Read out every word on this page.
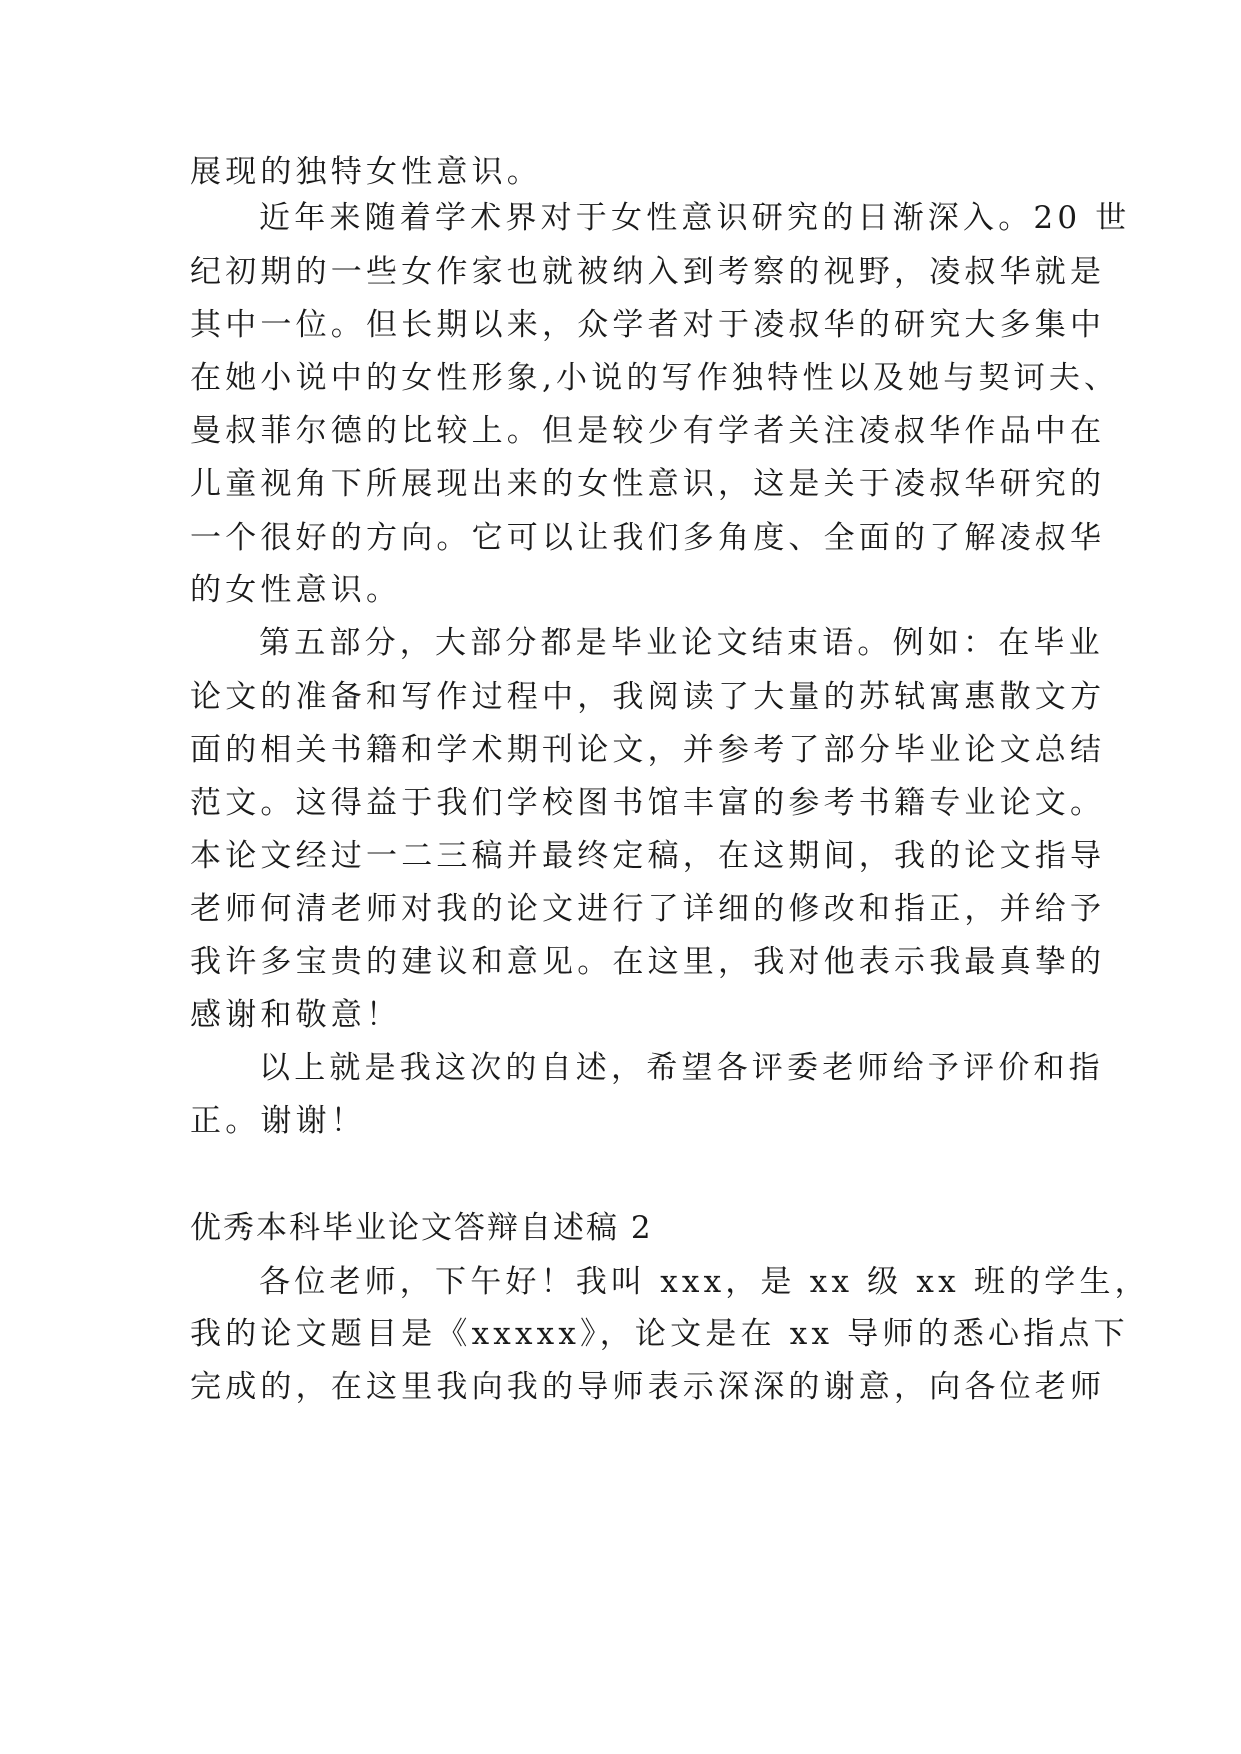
展现的独特女性意识。

近年来随着学术界对于女性意识研究的日渐深入。20 世

纪初期的一些女作家也就被纳入到考察的视野，凌叔华就是

其中一位。但长期以来，众学者对于凌叔华的研究大多集中

在她小说中的女性形象,小说的写作独特性以及她与契诃夫、

曼叔菲尔德的比较上。但是较少有学者关注凌叔华作品中在

儿童视角下所展现出来的女性意识，这是关于凌叔华研究的

一个很好的方向。它可以让我们多角度、全面的了解凌叔华

的女性意识。

第五部分，大部分都是毕业论文结束语。例如：在毕业

论文的准备和写作过程中，我阅读了大量的苏轼寓惠散文方

面的相关书籍和学术期刊论文，并参考了部分毕业论文总结

范文。这得益于我们学校图书馆丰富的参考书籍专业论文。

本论文经过一二三稿并最终定稿，在这期间，我的论文指导

老师何清老师对我的论文进行了详细的修改和指正，并给予

我许多宝贵的建议和意见。在这里，我对他表示我最真挚的

感谢和敬意！

以上就是我这次的自述，希望各评委老师给予评价和指

正。谢谢！

优秀本科毕业论文答辩自述稿 2

各位老师，下午好！我叫 xxx，是 xx 级 xx 班的学生，

我的论文题目是《xxxxx》，论文是在 xx 导师的悉心指点下

完成的，在这里我向我的导师表示深深的谢意，向各位老师
